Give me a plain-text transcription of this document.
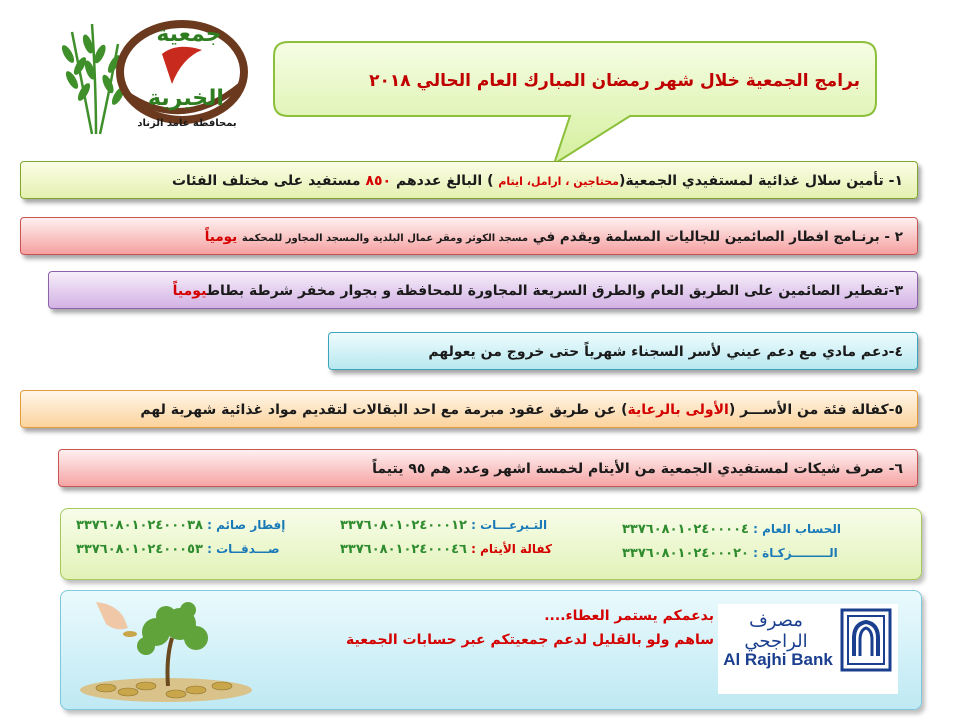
جمعية
الخيرية
بمحافظة غامد الزناد
برامج الجمعية خلال شهر رمضان المبارك العام الحالي ٢٠١٨
١- تأمين سلال غذائية لمستفيدي الجمعية(محتاجين ، ارامل، ايتام ) البالغ عددهم ٨٥٠ مستفيد على مختلف الفئات
٢ - برنـامج افطار الصائمين للجاليات المسلمة ويقدم في مسجد الكوثر ومقر عمال البلدية والمسجد المجاور للمحكمة يومياً
٣-تفطير الصائمين على الطريق العام والطرق السريعة المجاورة للمحافظة و بجوار مخفر شرطة بطاطيومياً
٤-دعم مادي مع دعم عيني لأسر السجناء شهرياً حتى خروج من يعولهم
٥-كفالة فئة من الأســـر (الأولى بالرعاية) عن طريق عقود مبرمة مع احد البقالات لتقديم مواد غذائية شهرية لهم
٦- صرف شيكات لمستفيدي الجمعية من الأيتام لخمسة اشهر وعدد هم ٩٥ يتيماً
الحساب العام : ٣٣٧٦٠٨٠١٠٢٤٠٠٠٠٤
الـــــــــزكـاة : ٣٣٧٦٠٨٠١٠٢٤٠٠٠٢٠
التـبرعـــات : ٣٣٧٦٠٨٠١٠٢٤٠٠٠١٢
كفالة الأيتام : ٣٣٧٦٠٨٠١٠٢٤٠٠٠٤٦
إفطار صائم : ٣٣٧٦٠٨٠١٠٢٤٠٠٠٣٨
صـــدقــات : ٣٣٧٦٠٨٠١٠٢٤٠٠٠٥٣
بدعمكم يستمر العطاء....
ساهم ولو بالقليل لدعم جمعيتكم عبر حسابات الجمعية
مصرف الراجحي
Al Rajhi Bank
